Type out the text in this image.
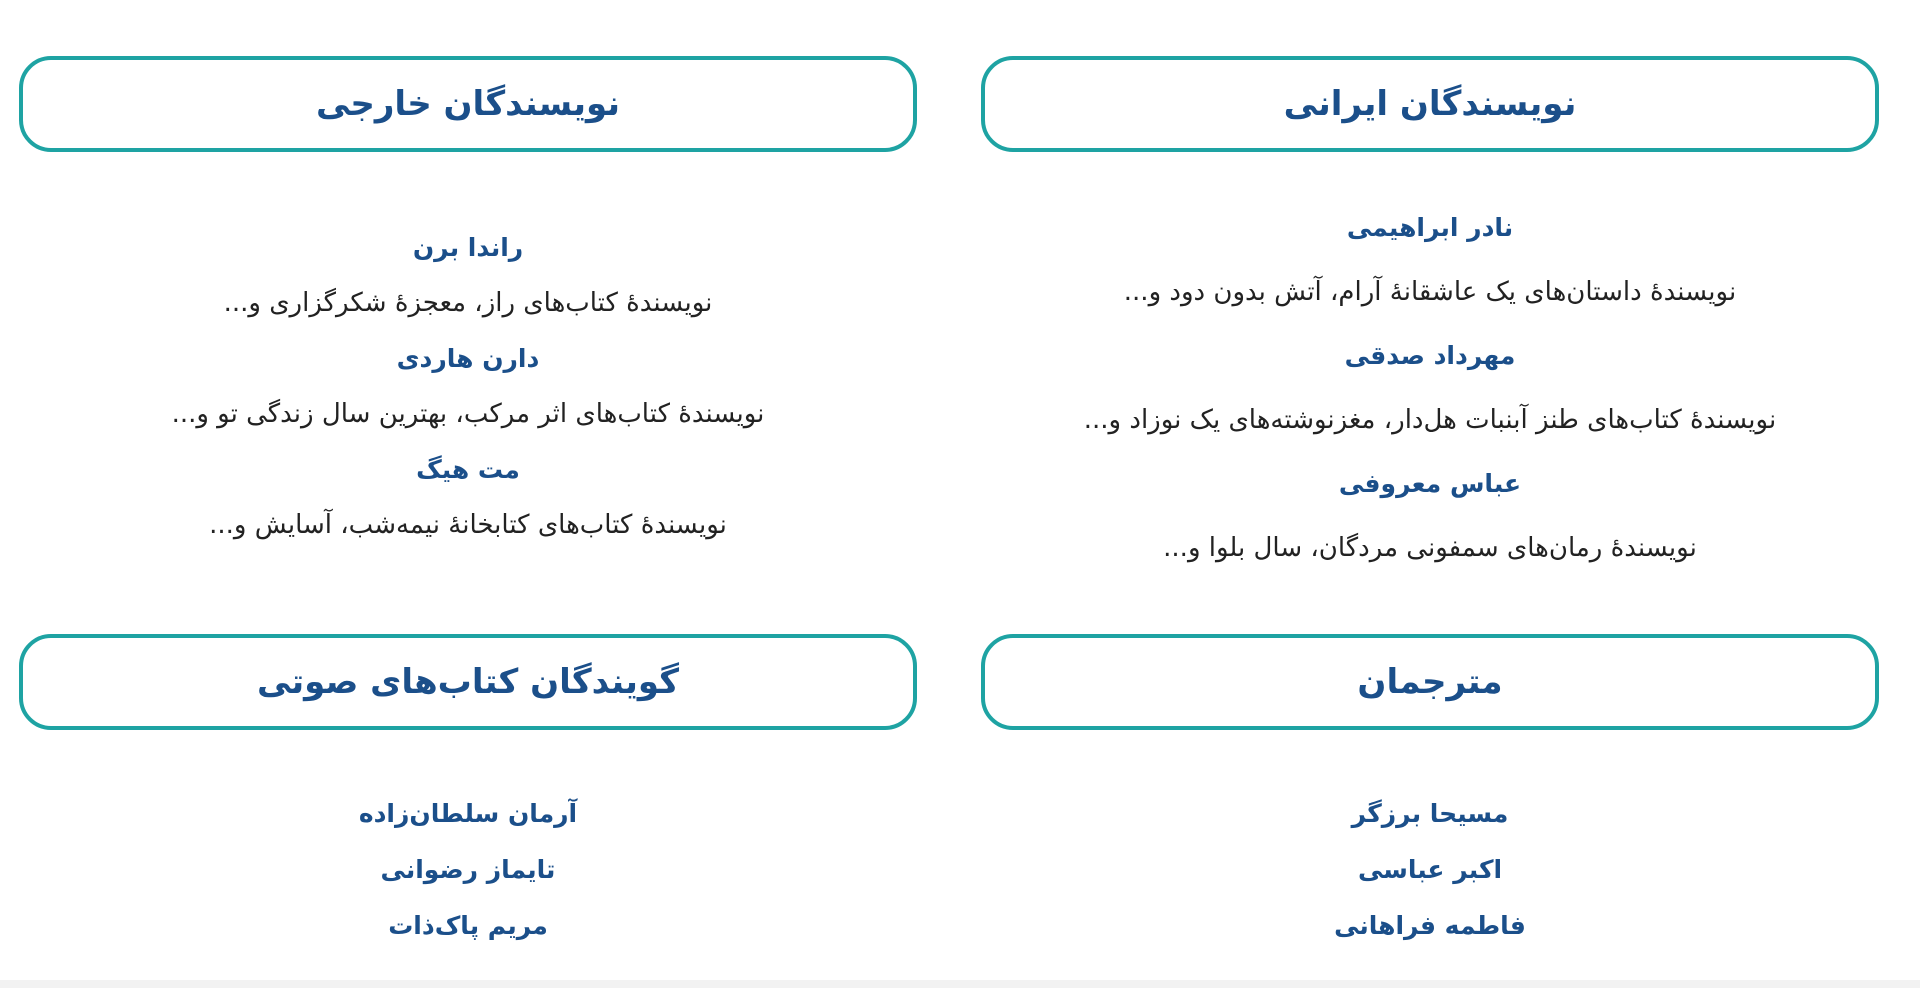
نویسندگان ایرانی
نادر ابراهیمی

نویسندهٔ داستان‌های یک عاشقانهٔ آرام، آتش بدون دود و...

مهرداد صدقی

نویسندهٔ کتاب‌های طنز آبنبات هل‌دار، مغزنوشته‌های یک نوزاد و...

عباس معروفی

نویسندهٔ رمان‌های سمفونی مردگان، سال بلوا و...

نویسندگان خارجی
راندا برن

نویسندهٔ کتاب‌های راز، معجزهٔ شکرگزاری و...

دارن هاردی

نویسندهٔ کتاب‌های اثر مرکب، بهترین سال زندگی تو و...

مت هیگ

نویسندهٔ کتاب‌های کتابخانهٔ نیمه‌شب، آسایش و...

مترجمان
مسیحا برزگر
اکبر عباسی
فاطمه فراهانی
گویندگان کتاب‌های صوتی
آرمان سلطان‌زاده
تایماز رضوانی
مریم پاک‌ذات
